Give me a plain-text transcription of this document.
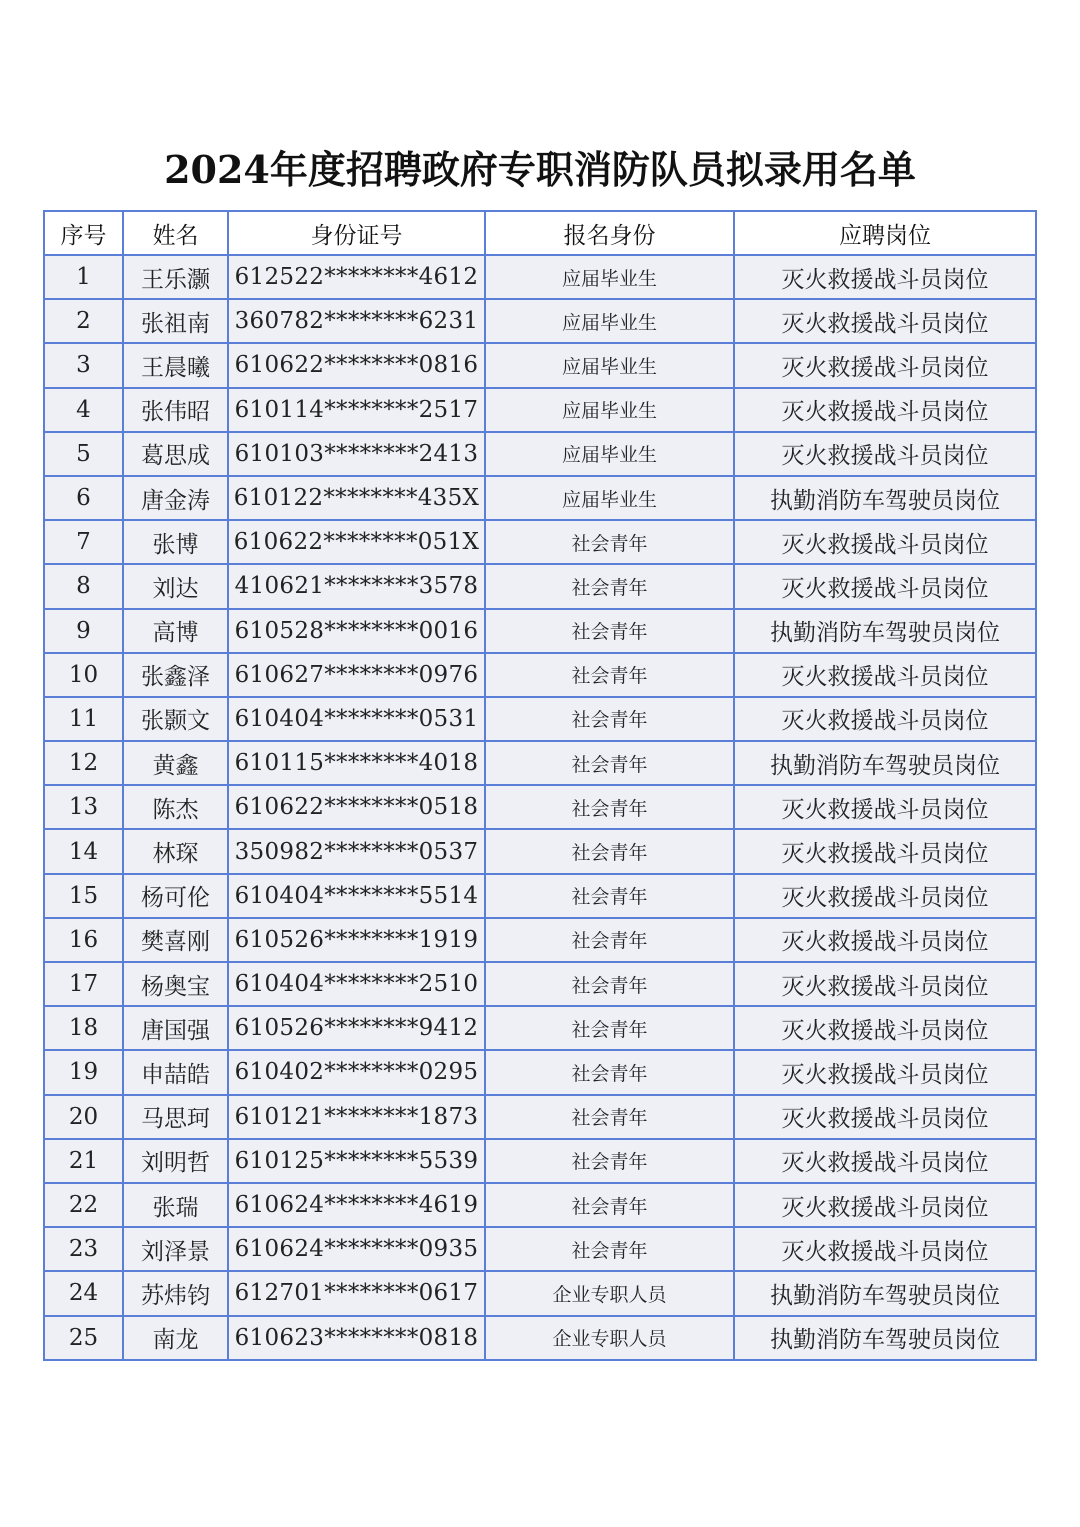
2024年度招聘政府专职消防队员拟录用名单
序号	姓名	身份证号	报名身份	应聘岗位
1	王乐灏	612522********4612	应届毕业生	灭火救援战斗员岗位
2	张祖南	360782********6231	应届毕业生	灭火救援战斗员岗位
3	王晨曦	610622********0816	应届毕业生	灭火救援战斗员岗位
4	张伟昭	610114********2517	应届毕业生	灭火救援战斗员岗位
5	葛思成	610103********2413	应届毕业生	灭火救援战斗员岗位
6	唐金涛	610122********435X	应届毕业生	执勤消防车驾驶员岗位
7	张博	610622********051X	社会青年	灭火救援战斗员岗位
8	刘达	410621********3578	社会青年	灭火救援战斗员岗位
9	高博	610528********0016	社会青年	执勤消防车驾驶员岗位
10	张鑫泽	610627********0976	社会青年	灭火救援战斗员岗位
11	张颢文	610404********0531	社会青年	灭火救援战斗员岗位
12	黄鑫	610115********4018	社会青年	执勤消防车驾驶员岗位
13	陈杰	610622********0518	社会青年	灭火救援战斗员岗位
14	林琛	350982********0537	社会青年	灭火救援战斗员岗位
15	杨可伦	610404********5514	社会青年	灭火救援战斗员岗位
16	樊喜刚	610526********1919	社会青年	灭火救援战斗员岗位
17	杨奥宝	610404********2510	社会青年	灭火救援战斗员岗位
18	唐国强	610526********9412	社会青年	灭火救援战斗员岗位
19	申喆皓	610402********0295	社会青年	灭火救援战斗员岗位
20	马思珂	610121********1873	社会青年	灭火救援战斗员岗位
21	刘明哲	610125********5539	社会青年	灭火救援战斗员岗位
22	张瑞	610624********4619	社会青年	灭火救援战斗员岗位
23	刘泽景	610624********0935	社会青年	灭火救援战斗员岗位
24	苏炜钧	612701********0617	企业专职人员	执勤消防车驾驶员岗位
25	南龙	610623********0818	企业专职人员	执勤消防车驾驶员岗位
